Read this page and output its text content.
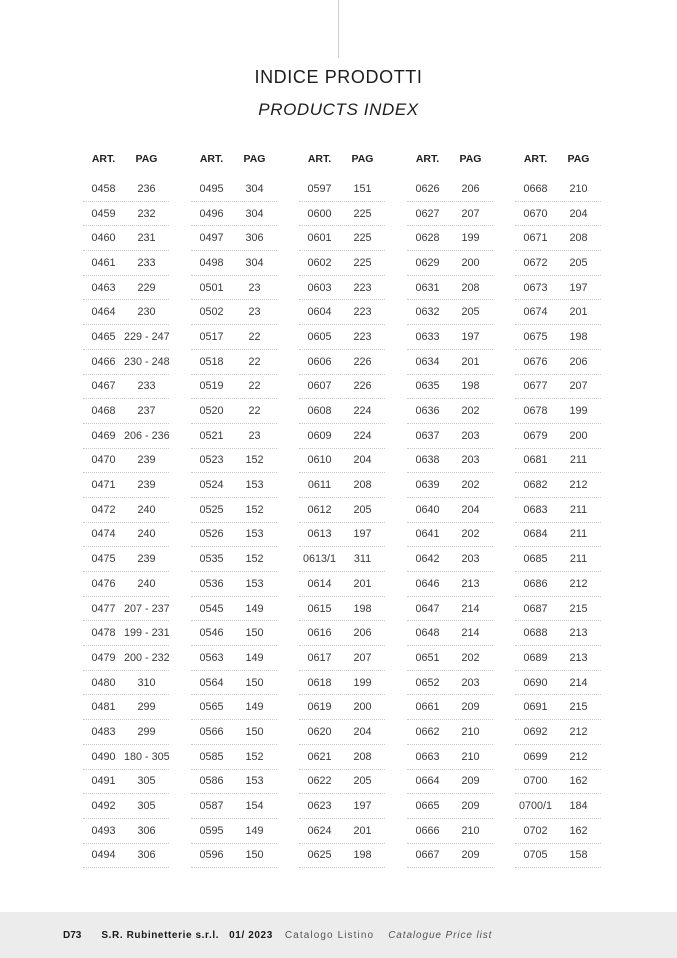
INDICE PRODOTTI
PRODUCTS INDEX
ART.	PAG
0458	236
0459	232
0460	231
0461	233
0463	229
0464	230
0465 229 - 247
0466 230 - 248
0467	233
0468	237
0469 206 - 236
0470	239
0471	239
0472	240
0474	240
0475	239
0476	240
0477 207 - 237
0478 199 - 231
0479 200 - 232
0480	310
0481	299
0483	299
0490 180 - 305
0491	305
0492	305
0493	306
0494	306
ART.	PAG
0495	304
0496	304
0497	306
0498	304
0501	23
0502	23
0517	22
0518	22
0519	22
0520	22
0521	23
0523	152
0524	153
0525	152
0526	153
0535	152
0536	153
0545	149
0546	150
0563	149
0564	150
0565	149
0566	150
0585	152
0586	153
0587	154
0595	149
0596	150
ART.	PAG
0597	151
0600	225
0601	225
0602	225
0603	223
0604	223
0605	223
0606	226
0607	226
0608	224
0609	224
0610	204
0611	208
0612	205
0613	197
0613/1	311
0614	201
0615	198
0616	206
0617	207
0618	199
0619	200
0620	204
0621	208
0622	205
0623	197
0624	201
0625	198
ART.	PAG
0626	206
0627	207
0628	199
0629	200
0631	208
0632	205
0633	197
0634	201
0635	198
0636	202
0637	203
0638	203
0639	202
0640	204
0641	202
0642	203
0646	213
0647	214
0648	214
0651	202
0652	203
0661	209
0662	210
0663	210
0664	209
0665	209
0666	210
0667	209
ART.	PAG
0668	210
0670	204
0671	208
0672	205
0673	197
0674	201
0675	198
0676	206
0677	207
0678	199
0679	200
0681	211
0682	212
0683	211
0684	211
0685	211
0686	212
0687	215
0688	213
0689	213
0690	214
0691	215
0692	212
0699	212
0700	162
0700/1	184
0702	162
0705	158
D73 S.R. Rubinetterie s.r.l. 01/ 2023 Catalogo Listino Catalogue Price list
